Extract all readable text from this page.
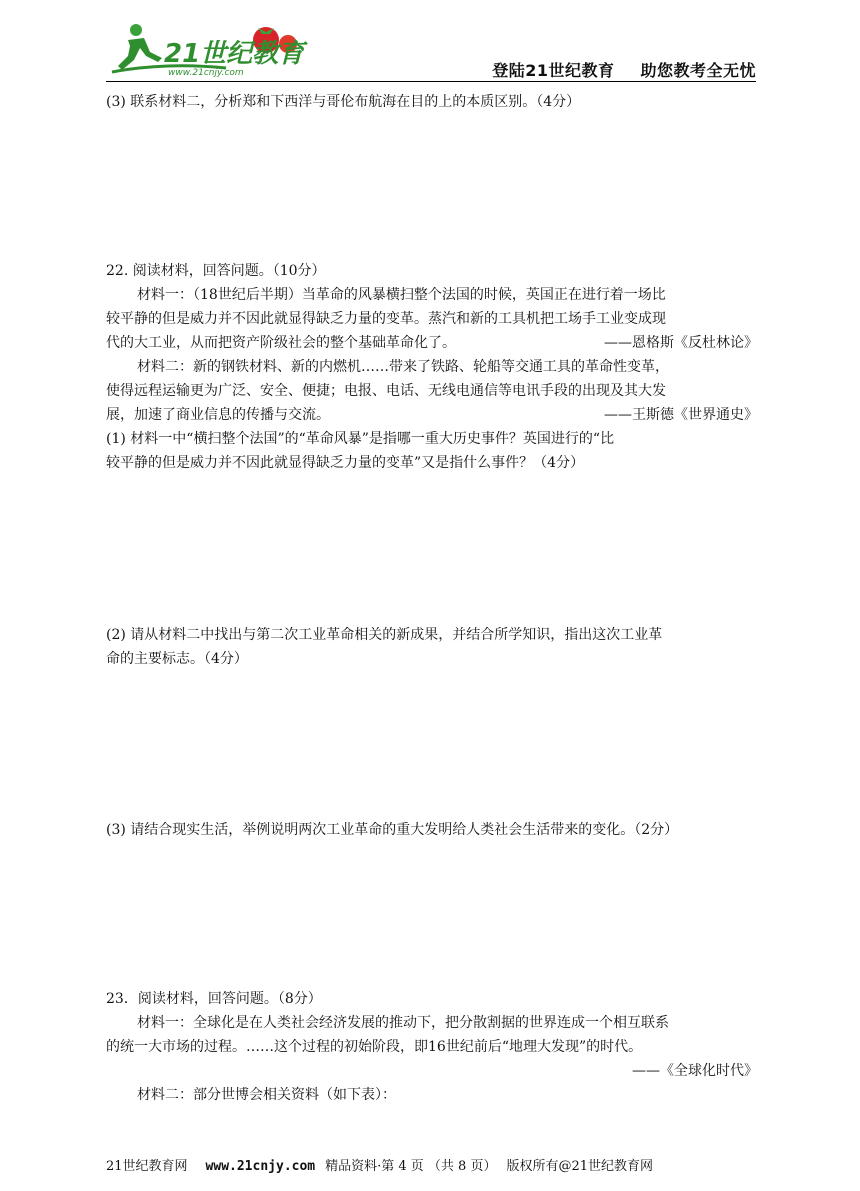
21世纪教育
www.21cnjy.com	登陆21世纪教育 助您教考全无忧
(3) 联系材料二，分析郑和下西洋与哥伦布航海在目的上的本质区别。（4分）
22. 阅读材料，回答问题。（10分）
材料一：（18世纪后半期）当革命的风暴横扫整个法国的时候，英国正在进行着一场比
较平静的但是威力并不因此就显得缺乏力量的变革。蒸汽和新的工具机把工场手工业变成现
代的大工业，从而把资产阶级社会的整个基础革命化了。	——恩格斯《反杜林论》
材料二：新的钢铁材料、新的内燃机……带来了铁路、轮船等交通工具的革命性变革，
使得远程运输更为广泛、安全、便捷；电报、电话、无线电通信等电讯手段的出现及其大发
展，加速了商业信息的传播与交流。	——王斯德《世界通史》
(1) 材料一中“横扫整个法国”的“革命风暴”是指哪一重大历史事件？英国进行的“比
较平静的但是威力并不因此就显得缺乏力量的变革”又是指什么事件？（4分）
(2) 请从材料二中找出与第二次工业革命相关的新成果，并结合所学知识，指出这次工业革
命的主要标志。（4分）
(3) 请结合现实生活，举例说明两次工业革命的重大发明给人类社会生活带来的变化。（2分）
23．阅读材料，回答问题。（8分）
材料一：全球化是在人类社会经济发展的推动下，把分散割据的世界连成一个相互联系
的统一大市场的过程。……这个过程的初始阶段，即16世纪前后“地理大发现”的时代。
——《全球化时代》
材料二：部分世博会相关资料（如下表）：
21世纪教育网 www.21cnjy.com 精品资料·第 4 页 （共 8 页） 版权所有@21世纪教育网
